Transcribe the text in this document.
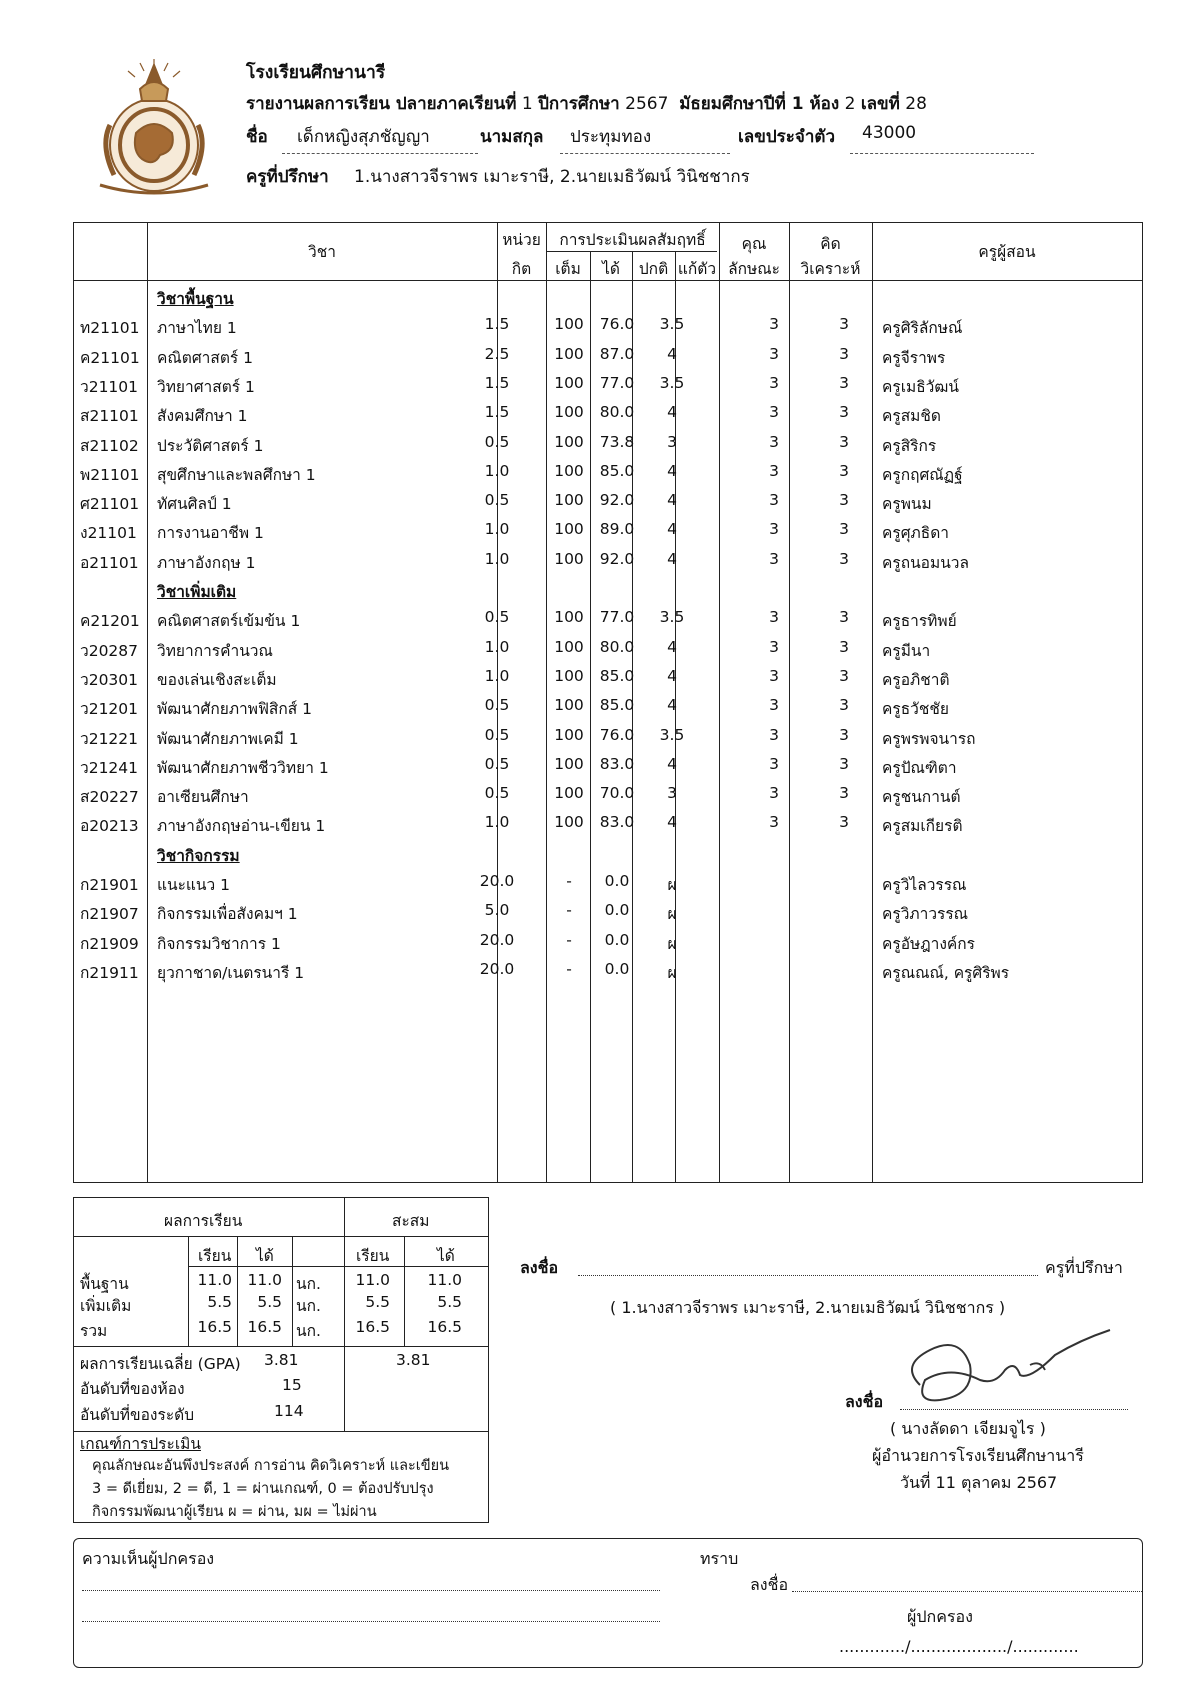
โรงเรียนศึกษานารี
รายงานผลการเรียน ปลายภาคเรียนที่ 1 ปีการศึกษา 2567 มัธยมศึกษาปีที่ 1 ห้อง 2 เลขที่ 28
ชื่อ เด็กหญิงสุภชัญญา	นามสกุล ประทุมทอง	เลขประจำตัว 43000
ครูที่ปรึกษา 1.นางสาวจีราพร เมาะราษี, 2.นายเมธิวัฒน์ วินิชชากร
วิชา
หน่วย
กิต
การประเมินผลสัมฤทธิ์
เต็ม	ได้	ปกติ แก้ตัว
คุณ
ลักษณะ
คิด
วิเคราะห์
ครูผู้สอน
วิชาพื้นฐาน
ท21101 ภาษาไทย 1	1.5	100	76.0	3.5	3	3	ครูศิริลักษณ์
ค21101 คณิตศาสตร์ 1	2.5	100	87.0	4	3	3	ครูจีราพร
ว21101 วิทยาศาสตร์ 1	1.5	100	77.0	3.5	3	3	ครูเมธิวัฒน์
ส21101 สังคมศึกษา 1	1.5	100	80.0	4	3	3	ครูสมชิด
ส21102 ประวัติศาสตร์ 1	0.5	100	73.8	3	3	3	ครูสิริกร
พ21101 สุขศึกษาและพลศึกษา 1	1.0	100	85.0	4	3	3	ครูกฤศณัฏฐ์
ศ21101 ทัศนศิลป์ 1	0.5	100	92.0	4	3	3	ครูพนม
ง21101 การงานอาชีพ 1	1.0	100	89.0	4	3	3	ครูศุภธิดา
อ21101 ภาษาอังกฤษ 1	1.0	100	92.0	4	3	3	ครูถนอมนวล
วิชาเพิ่มเติม
ค21201 คณิตศาสตร์เข้มข้น 1	0.5	100	77.0	3.5	3	3	ครูธารทิพย์
ว20287 วิทยาการคำนวณ	1.0	100	80.0	4	3	3	ครูมีนา
ว20301 ของเล่นเชิงสะเต็ม	1.0	100	85.0	4	3	3	ครูอภิชาติ
ว21201 พัฒนาศักยภาพฟิสิกส์ 1	0.5	100	85.0	4	3	3	ครูธวัชชัย
ว21221 พัฒนาศักยภาพเคมี 1	0.5	100	76.0	3.5	3	3	ครูพรพจนารถ
ว21241 พัฒนาศักยภาพชีววิทยา 1	0.5	100	83.0	4	3	3	ครูปัณฑิตา
ส20227 อาเซียนศึกษา	0.5	100	70.0	3	3	3	ครูชนกานต์
อ20213 ภาษาอังกฤษอ่าน-เขียน 1	1.0	100	83.0	4	3	3	ครูสมเกียรติ
วิชากิจกรรม
ก21901 แนะแนว 1	20.0	-	0.0	ผ	ครูวิไลวรรณ
ก21907 กิจกรรมเพื่อสังคมฯ 1	5.0	-	0.0	ผ	ครูวิภาวรรณ
ก21909 กิจกรรมวิชาการ 1	20.0	-	0.0	ผ	ครูอัษฎางค์กร
ก21911 ยุวกาชาด/เนตรนารี 1	20.0	-	0.0	ผ	ครูณณณ์, ครูศิริพร
ผลการเรียน	สะสม
เรียน ได้	เรียน	ได้
พื้นฐาน	11.0 11.0 นก.	11.0	11.0
เพิ่มเติม	5.5	5.5 นก.	5.5	5.5
รวม	16.5 16.5 นก.	16.5	16.5
ผลการเรียนเฉลี่ย (GPA) 3.81	3.81
อันดับที่ของห้อง	15
อันดับที่ของระดับ	114
เกณฑ์การประเมิน
คุณลักษณะอันพึงประสงค์ การอ่าน คิดวิเคราะห์ และเขียน
3 = ดีเยี่ยม, 2 = ดี, 1 = ผ่านเกณฑ์, 0 = ต้องปรับปรุง
กิจกรรมพัฒนาผู้เรียน ผ = ผ่าน, มผ = ไม่ผ่าน
ลงชื่อ	ครูที่ปรึกษา
( 1.นางสาวจีราพร เมาะราษี, 2.นายเมธิวัฒน์ วินิชชากร )
ลงชื่อ
( นางลัดดา เจียมจูไร )
ผู้อำนวยการโรงเรียนศึกษานารี
วันที่ 11 ตุลาคม 2567
ความเห็นผู้ปกครอง	ทราบ
ลงชื่อ
ผู้ปกครอง
............./.................../.............
